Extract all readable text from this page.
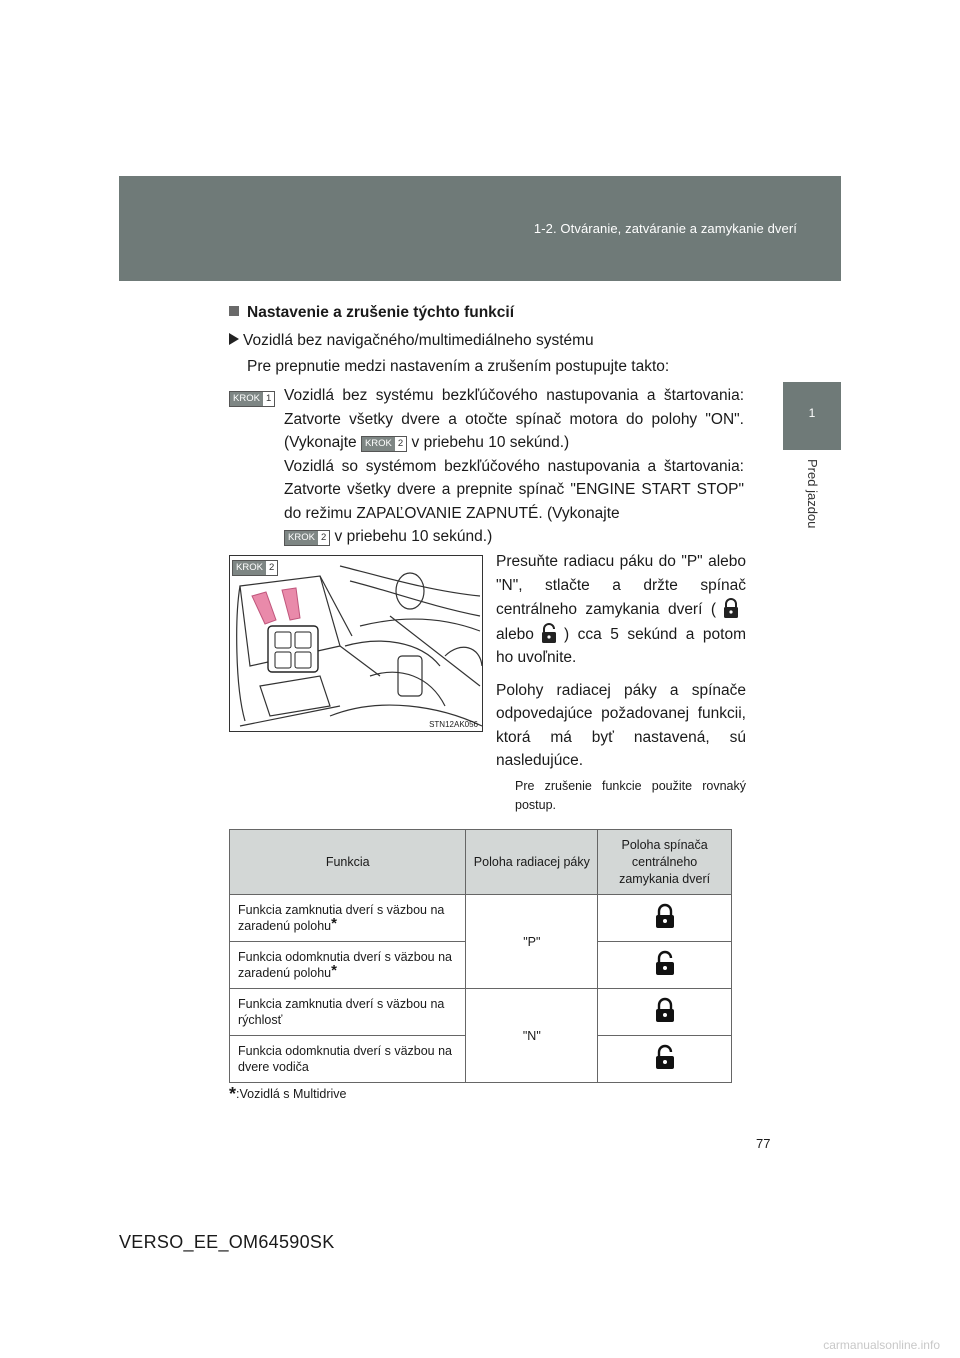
1-2. Otváranie, zatváranie a zamykanie dverí
1
Pred jazdou
Nastavenie a zrušenie týchto funkcií
Vozidlá bez navigačného/multimediálneho systému
Pre prepnutie medzi nastavením a zrušením postupujte takto:
KROK 1 Vozidlá bez systému bezkľúčového nastupovania a štartovania: Zatvorte všetky dvere a otočte spínač motora do polohy "ON". (Vykonajte KROK 2 v priebehu 10 sekúnd.)

Vozidlá so systémom bezkľúčového nastupovania a štartovania: Zatvorte všetky dvere a prepnite spínač "ENGINE START STOP" do režimu ZAPAĽOVANIE ZAPNUTÉ. (Vykonajte

KROK 2 v priebehu 10 sekúnd.)

KROK 2
STN12AK056

Presuňte radiacu páku do "P" alebo "N", stlačte a držte spínač centrálneho zamykania dverí (alebo ) cca 5 sekúnd a potom ho uvoľnite.

Polohy radiacej páky a spínače odpovedajúce požadovanej funkcii, ktorá má byť nastavená, sú nasledujúce.

Pre zrušenie funkcie použite rovnaký postup.
Funkcia	Poloha radiacej páky	Poloha spínača centrálneho zamykania dverí
Funkcia zamknutia dverí s väzbou na zaradenú polohu*	"P"	
Funkcia odomknutia dverí s väzbou na zaradenú polohu*	
Funkcia zamknutia dverí s väzbou na rýchlosť	"N"	
Funkcia odomknutia dverí s väzbou na dvere vodiča	
*:Vozidlá s Multidrive
77
VERSO_EE_OM64590SK
carmanualsonline.info
